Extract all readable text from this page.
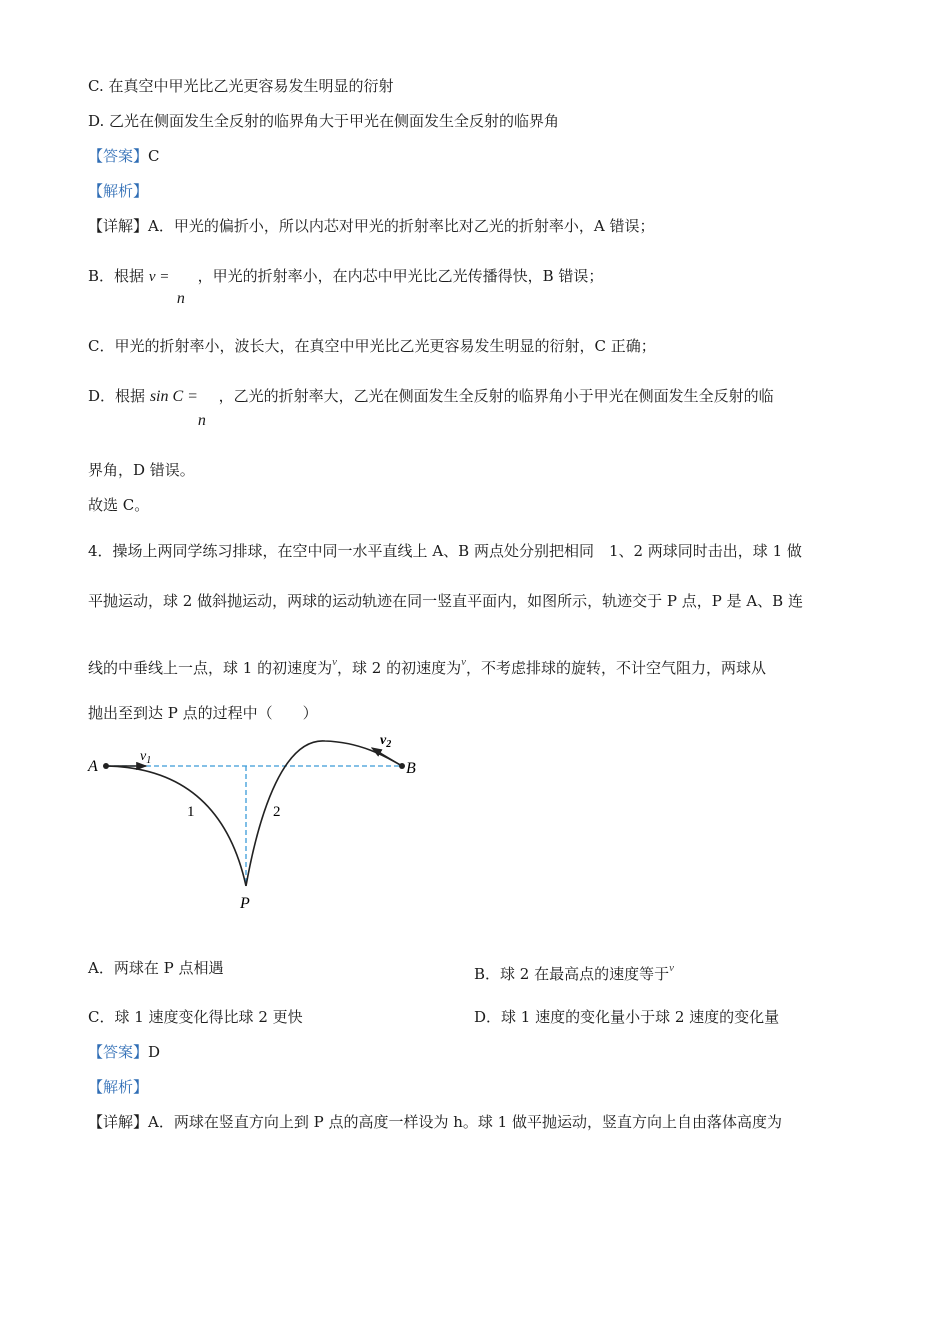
C. 在真空中甲光比乙光更容易发生明显的衍射
D. 乙光在侧面发生全反射的临界角大于甲光在侧面发生全反射的临界角
【答案】C
【解析】
【详解】A．甲光的偏折小，所以内芯对甲光的折射率比对乙光的折射率小，A 错误；
B．根据 v =
n
，甲光的折射率小，在内芯中甲光比乙光传播得快，B 错误；
C．甲光的折射率小，波长大，在真空中甲光比乙光更容易发生明显的衍射，C 正确；
D．根据 sin C =
n
，乙光的折射率大，乙光在侧面发生全反射的临界角小于甲光在侧面发生全反射的临
界角，D 错误。
故选 C。
4．操场上两同学练习排球，在空中同一水平直线上 A、B 两点处分别把相同　1、2 两球同时击出，球 1 做
平抛运动，球 2 做斜抛运动，两球的运动轨迹在同一竖直平面内，如图所示，轨迹交于 P 点，P 是 A、B 连
线的中垂线上一点，球 1 的初速度为$^v$，球 2 的初速度为$^v$，不考虑排球的旋转，不计空气阻力，两球从
抛出至到达 P 点的过程中（　　）
A	B
P
1	2
$v_1$
$v_2$
A．两球在 P 点相遇	B．球 2 在最高点的速度等于$^v$
C．球 1 速度变化得比球 2 更快	D．球 1 速度的变化量小于球 2 速度的变化量
【答案】D
【解析】
【详解】A．两球在竖直方向上到 P 点的高度一样设为 h。球 1 做平抛运动，竖直方向上自由落体高度为
